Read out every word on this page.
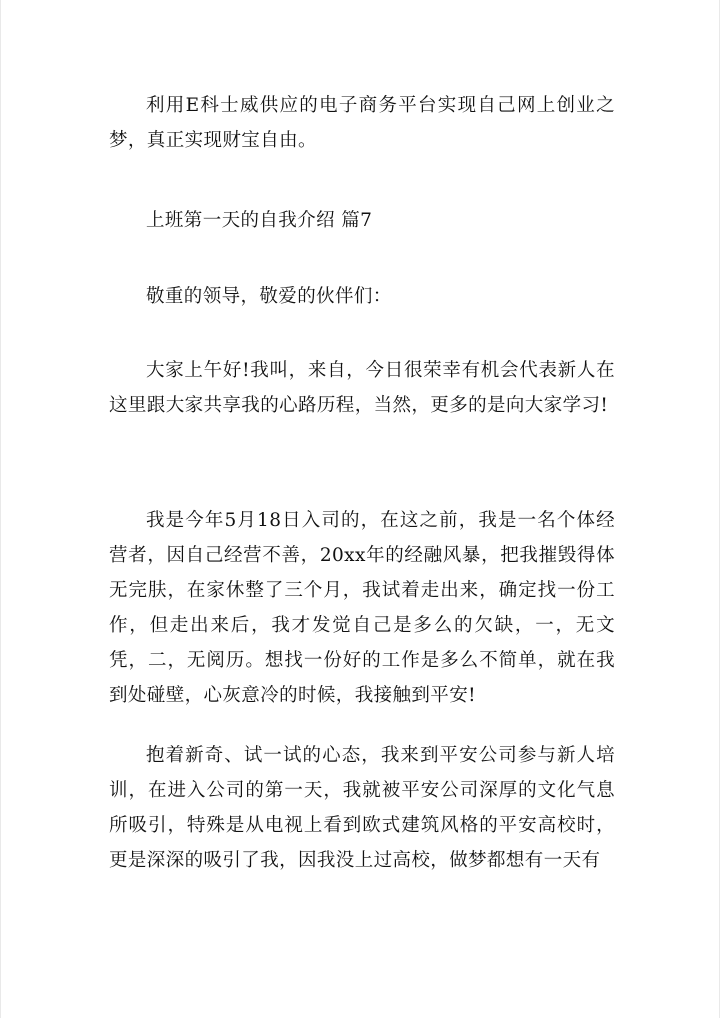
利用E科士威供应的电子商务平台实现自己网上创业之梦，真正实现财宝自由。

上班第一天的自我介绍 篇7

敬重的领导，敬爱的伙伴们：

大家上午好!我叫，来自，今日很荣幸有机会代表新人在这里跟大家共享我的心路历程，当然，更多的是向大家学习!

我是今年5月18日入司的，在这之前，我是一名个体经营者，因自己经营不善，20xx年的经融风暴，把我摧毁得体无完肤，在家休整了三个月，我试着走出来，确定找一份工作，但走出来后，我才发觉自己是多么的欠缺，一，无文凭，二，无阅历。想找一份好的工作是多么不简单，就在我到处碰壁，心灰意冷的时候，我接触到平安!

抱着新奇、试一试的心态，我来到平安公司参与新人培训，在进入公司的第一天，我就被平安公司深厚的文化气息所吸引，特殊是从电视上看到欧式建筑风格的平安高校时，更是深深的吸引了我，因我没上过高校，做梦都想有一天有
